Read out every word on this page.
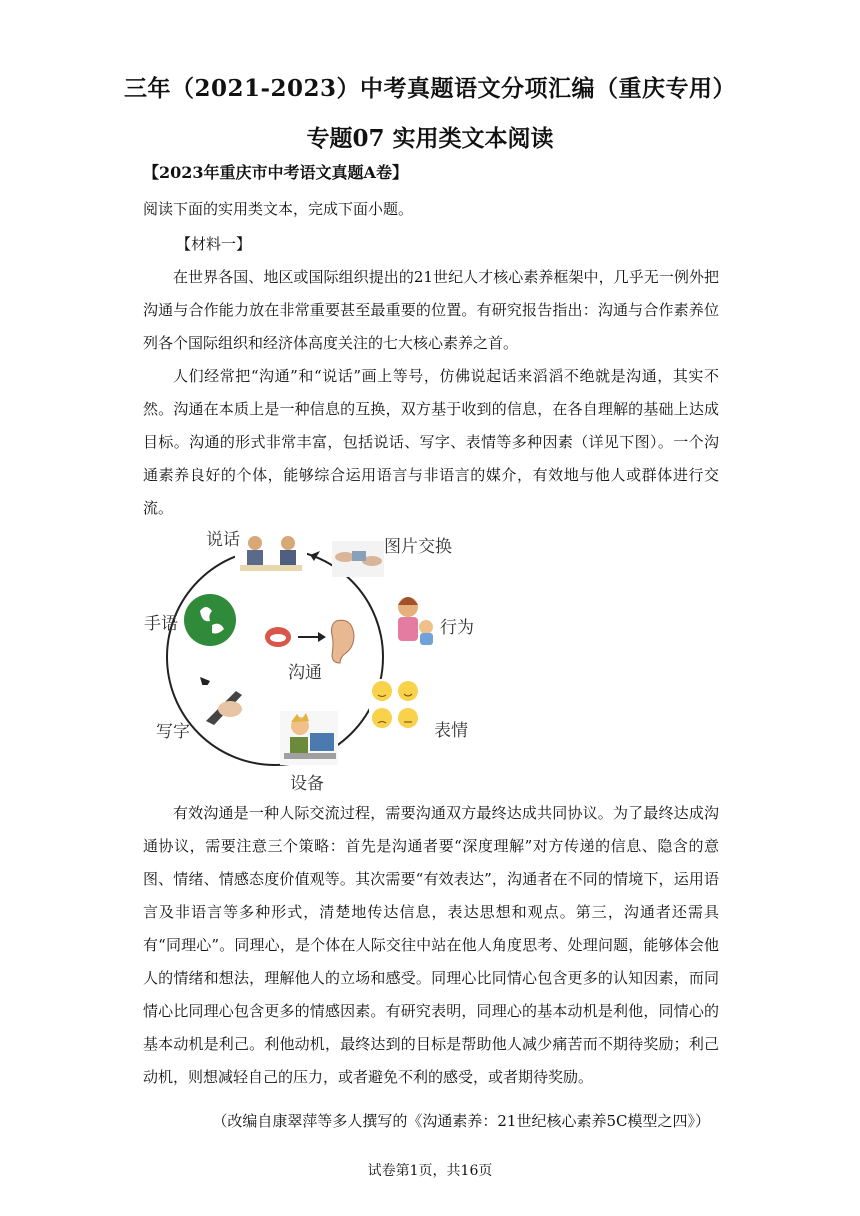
三年（2021-2023）中考真题语文分项汇编（重庆专用）
专题07 实用类文本阅读
【2023年重庆市中考语文真题A卷】
阅读下面的实用类文本，完成下面小题。
【材料一】

在世界各国、地区或国际组织提出的21世纪人才核心素养框架中，几乎无一例外把沟通与合作能力放在非常重要甚至最重要的位置。有研究报告指出：沟通与合作素养位列各个国际组织和经济体高度关注的七大核心素养之首。

人们经常把“沟通”和“说话”画上等号，仿佛说起话来滔滔不绝就是沟通，其实不然。沟通在本质上是一种信息的互换，双方基于收到的信息，在各自理解的基础上达成目标。沟通的形式非常丰富，包括说话、写字、表情等多种因素（详见下图）。一个沟通素养良好的个体，能够综合运用语言与非语言的媒介，有效地与他人或群体进行交流。

说话	图片交换
行为
表情
设备
写字
手语
沟通

有效沟通是一种人际交流过程，需要沟通双方最终达成共同协议。为了最终达成沟通协议，需要注意三个策略：首先是沟通者要“深度理解”对方传递的信息、隐含的意图、情绪、情感态度价值观等。其次需要“有效表达”，沟通者在不同的情境下，运用语言及非语言等多种形式，清楚地传达信息，表达思想和观点。第三，沟通者还需具有“同理心”。同理心，是个体在人际交往中站在他人角度思考、处理问题，能够体会他人的情绪和想法，理解他人的立场和感受。同理心比同情心包含更多的认知因素，而同情心比同理心包含更多的情感因素。有研究表明，同理心的基本动机是利他，同情心的基本动机是利己。利他动机，最终达到的目标是帮助他人减少痛苦而不期待奖励；利己动机，则想减轻自己的压力，或者避免不利的感受，或者期待奖励。

（改编自康翠萍等多人撰写的《沟通素养：21世纪核心素养5C模型之四》）
试卷第1页，共16页
